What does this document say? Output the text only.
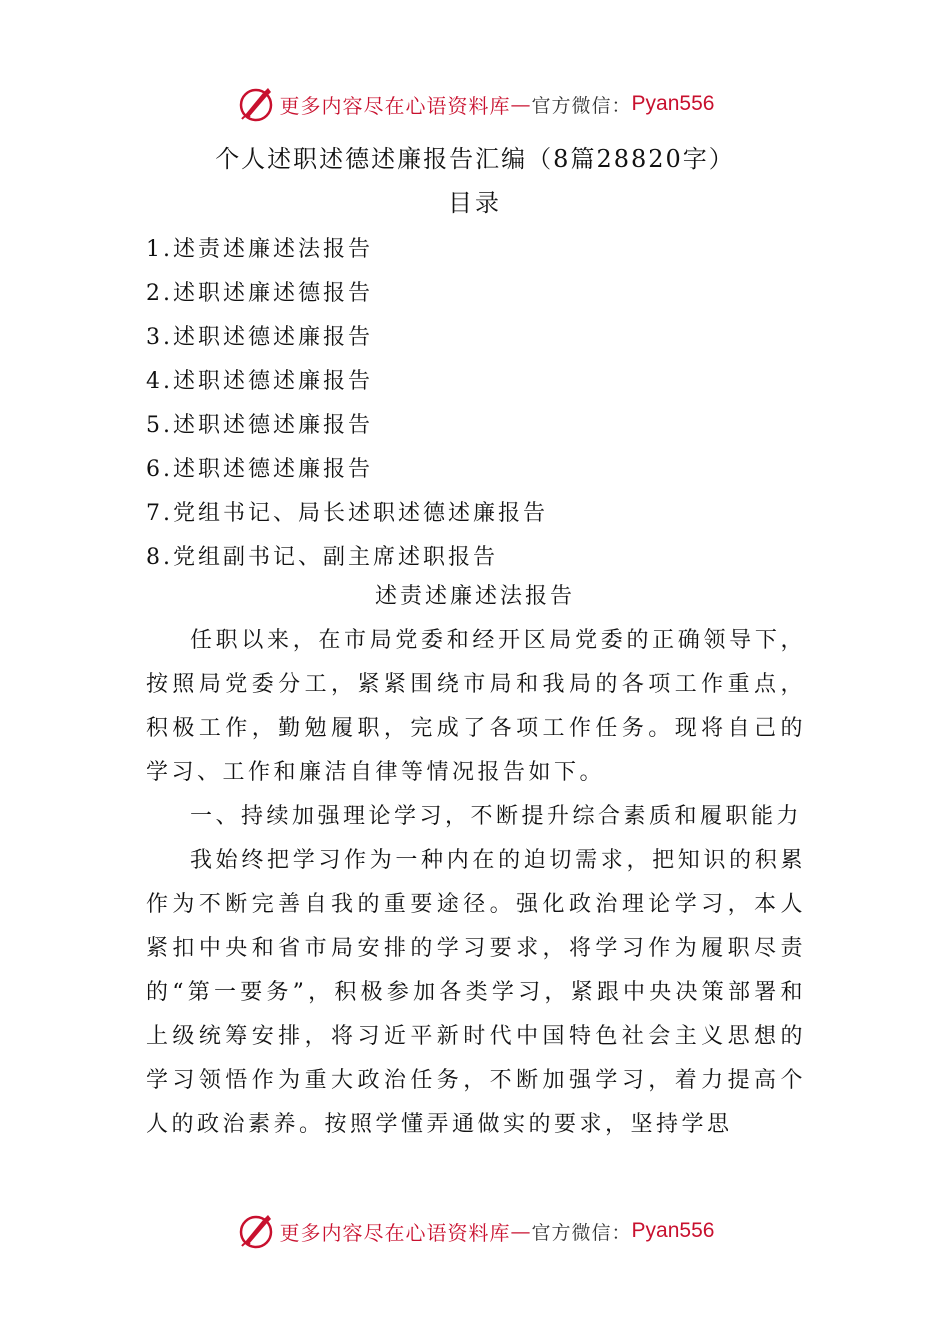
更多内容尽在心语资料库 — 官方微信： Pyan556
个人述职述德述廉报告汇编（8篇28820字）
目录
1.述责述廉述法报告
2.述职述廉述德报告
3.述职述德述廉报告
4.述职述德述廉报告
5.述职述德述廉报告
6.述职述德述廉报告
7.党组书记、局长述职述德述廉报告
8.党组副书记、副主席述职报告
述责述廉述法报告

任职以来，在市局党委和经开区局党委的正确领导下，按照局党委分工，紧紧围绕市局和我局的各项工作重点，积极工作，勤勉履职，完成了各项工作任务。现将自己的学习、工作和廉洁自律等情况报告如下。

一、持续加强理论学习，不断提升综合素质和履职能力

我始终把学习作为一种内在的迫切需求，把知识的积累作为不断完善自我的重要途径。强化政治理论学习，本人紧扣中央和省市局安排的学习要求，将学习作为履职尽责的“第一要务”，积极参加各类学习，紧跟中央决策部署和上级统筹安排，将习近平新时代中国特色社会主义思想的学习领悟作为重大政治任务，不断加强学习，着力提高个人的政治素养。按照学懂弄通做实的要求，坚持学思

更多内容尽在心语资料库 — 官方微信： Pyan556
